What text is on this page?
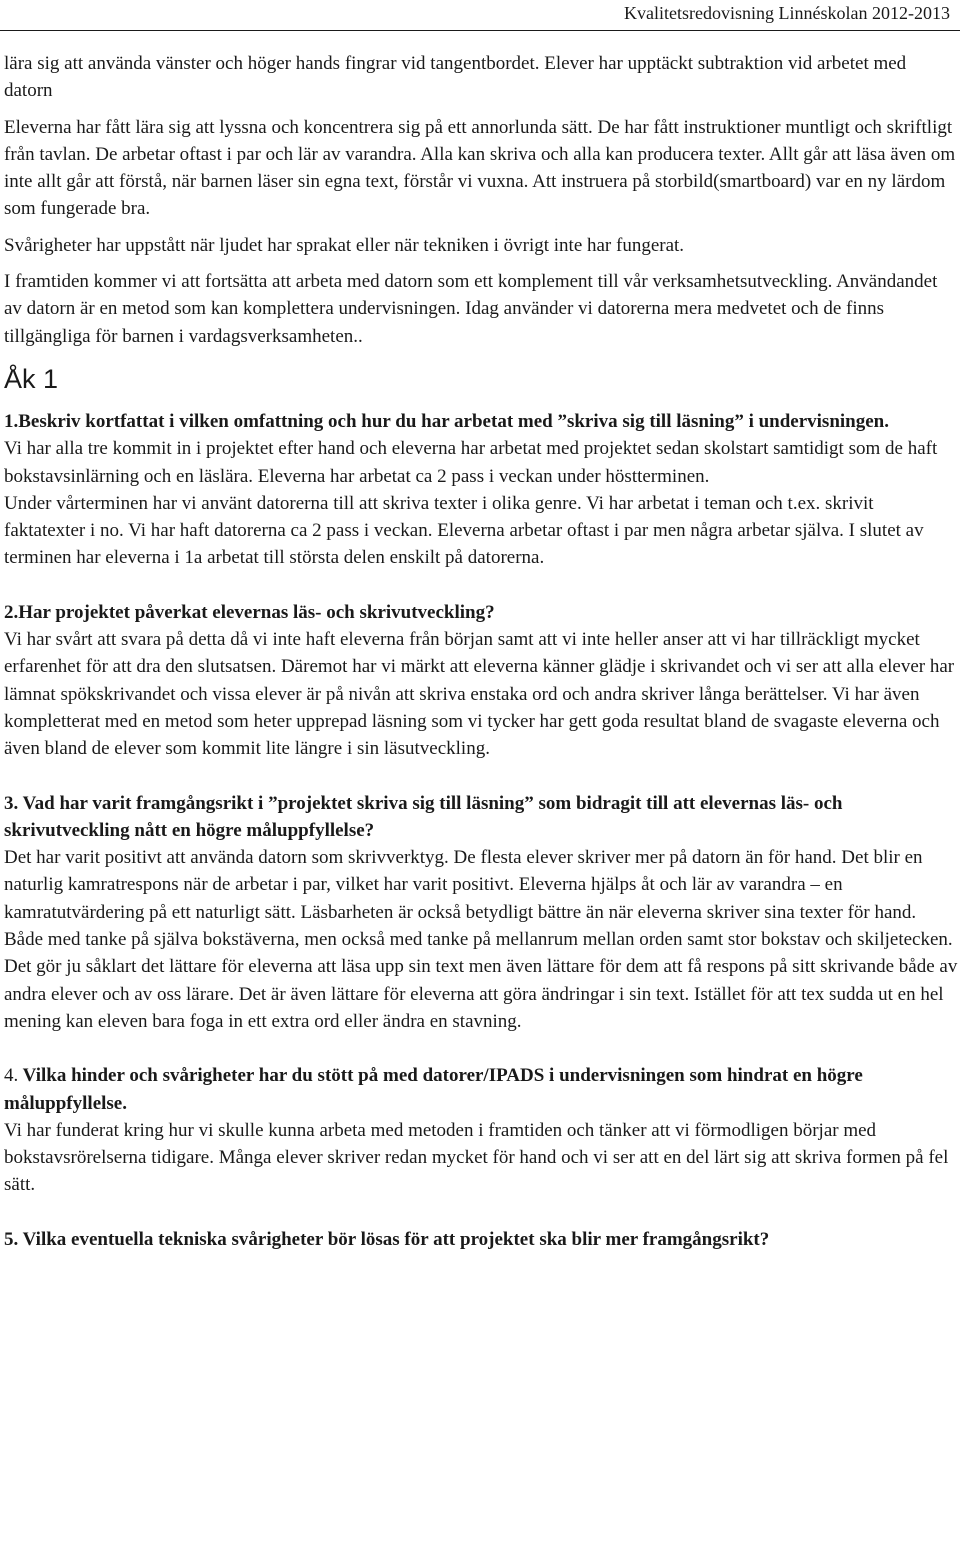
Kvalitetsredovisning Linnéskolan 2012-2013

lära sig att använda vänster och höger hands fingrar vid tangentbordet. Elever har upptäckt subtraktion vid arbetet med datorn

Eleverna har fått lära sig att lyssna och koncentrera sig på ett annorlunda sätt. De har fått instruktioner muntligt och skriftligt från tavlan. De arbetar oftast i par och lär av varandra. Alla kan skriva och alla kan producera texter. Allt går att läsa även om inte allt går att förstå, när barnen läser sin egna text, förstår vi vuxna. Att instruera på storbild(smartboard) var en ny lärdom som fungerade bra.

Svårigheter har uppstått när ljudet har sprakat eller när tekniken i övrigt inte har fungerat.

I framtiden kommer vi att fortsätta att arbeta med datorn som ett komplement till vår verksamhetsutveckling. Användandet av datorn är en metod som kan komplettera undervisningen. Idag använder vi datorerna mera medvetet och de finns tillgängliga för barnen i vardagsverksamheten..

Åk 1

1.Beskriv kortfattat i vilken omfattning och hur du har arbetat med ”skriva sig till läsning” i undervisningen.

Vi har alla tre kommit in i projektet efter hand och eleverna har arbetat med projektet sedan skolstart samtidigt som de haft bokstavsinlärning och en läslära. Eleverna har arbetat ca 2 pass i veckan under höstterminen.

Under vårterminen har vi använt datorerna till att skriva texter i olika genre. Vi har arbetat i teman och t.ex. skrivit faktatexter i no. Vi har haft datorerna ca 2 pass i veckan. Eleverna arbetar oftast i par men några arbetar själva. I slutet av terminen har eleverna i 1a arbetat till största delen enskilt på datorerna.

2.Har projektet påverkat elevernas läs- och skrivutveckling?

Vi har svårt att svara på detta då vi inte haft eleverna från början samt att vi inte heller anser att vi har tillräckligt mycket erfarenhet för att dra den slutsatsen. Däremot har vi märkt att eleverna känner glädje i skrivandet och vi ser att alla elever har lämnat spökskrivandet och vissa elever är på nivån att skriva enstaka ord och andra skriver långa berättelser. Vi har även kompletterat med en metod som heter upprepad läsning som vi tycker har gett goda resultat bland de svagaste eleverna och även bland de elever som kommit lite längre i sin läsutveckling.

3. Vad har varit framgångsrikt i ”projektet skriva sig till läsning” som bidragit till att elevernas läs- och skrivutveckling nått en högre måluppfyllelse?

Det har varit positivt att använda datorn som skrivverktyg. De flesta elever skriver mer på datorn än för hand. Det blir en naturlig kamratrespons när de arbetar i par, vilket har varit positivt. Eleverna hjälps åt och lär av varandra – en kamratutvärdering på ett naturligt sätt. Läsbarheten är också betydligt bättre än när eleverna skriver sina texter för hand. Både med tanke på själva bokstäverna, men också med tanke på mellanrum mellan orden samt stor bokstav och skiljetecken. Det gör ju såklart det lättare för eleverna att läsa upp sin text men även lättare för dem att få respons på sitt skrivande både av andra elever och av oss lärare. Det är även lättare för eleverna att göra ändringar i sin text. Istället för att tex sudda ut en hel mening kan eleven bara foga in ett extra ord eller ändra en stavning.

4. Vilka hinder och svårigheter har du stött på med datorer/IPADS i undervisningen som hindrat en högre måluppfyllelse.

Vi har funderat kring hur vi skulle kunna arbeta med metoden i framtiden och tänker att vi förmodligen börjar med bokstavsrörelserna tidigare. Många elever skriver redan mycket för hand och vi ser att en del lärt sig att skriva formen på fel sätt.

5. Vilka eventuella tekniska svårigheter bör lösas för att projektet ska blir mer framgångsrikt?
